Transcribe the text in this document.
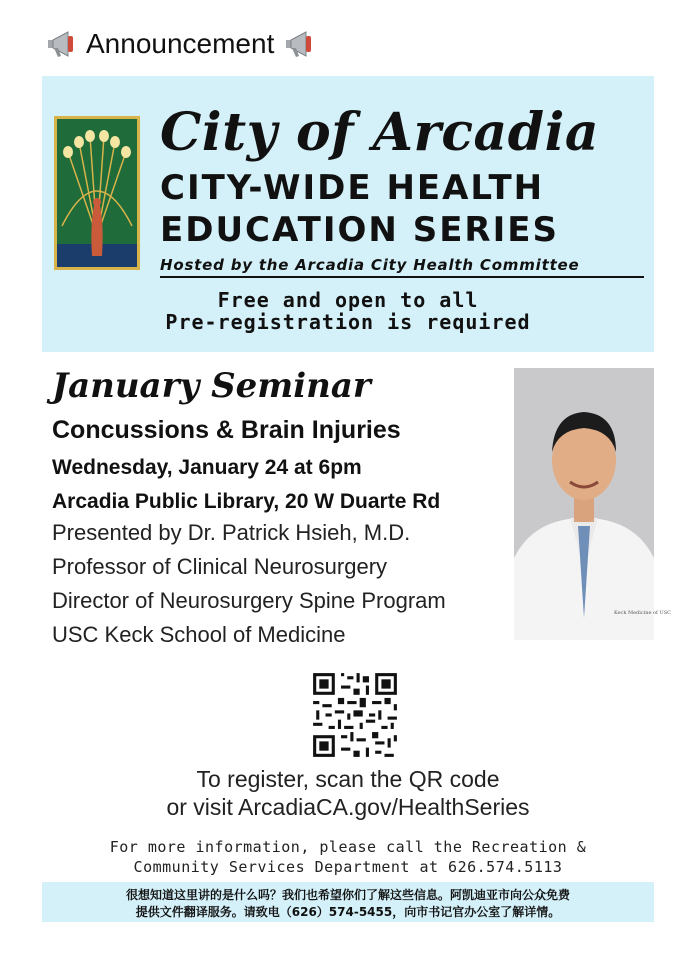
Announcement
City of Arcadia
CITY-WIDE HEALTH
EDUCATION SERIES
Hosted by the Arcadia City Health Committee
Free and open to all
Pre-registration is required
January Seminar
Concussions & Brain Injuries
Wednesday, January 24 at 6pm
Arcadia Public Library, 20 W Duarte Rd
Presented by Dr. Patrick Hsieh, M.D.
Professor of Clinical Neurosurgery
Director of Neurosurgery Spine Program
USC Keck School of Medicine
Keck Medicine of USC
To register, scan the QR code
or visit ArcadiaCA.gov/HealthSeries
For more information, please call the Recreation &
Community Services Department at 626.574.5113
很想知道这里讲的是什么吗？我们也希望你们了解这些信息。阿凯迪亚市向公众免费
提供文件翻译服务。请致电（626）574-5455，向市书记官办公室了解详情。
